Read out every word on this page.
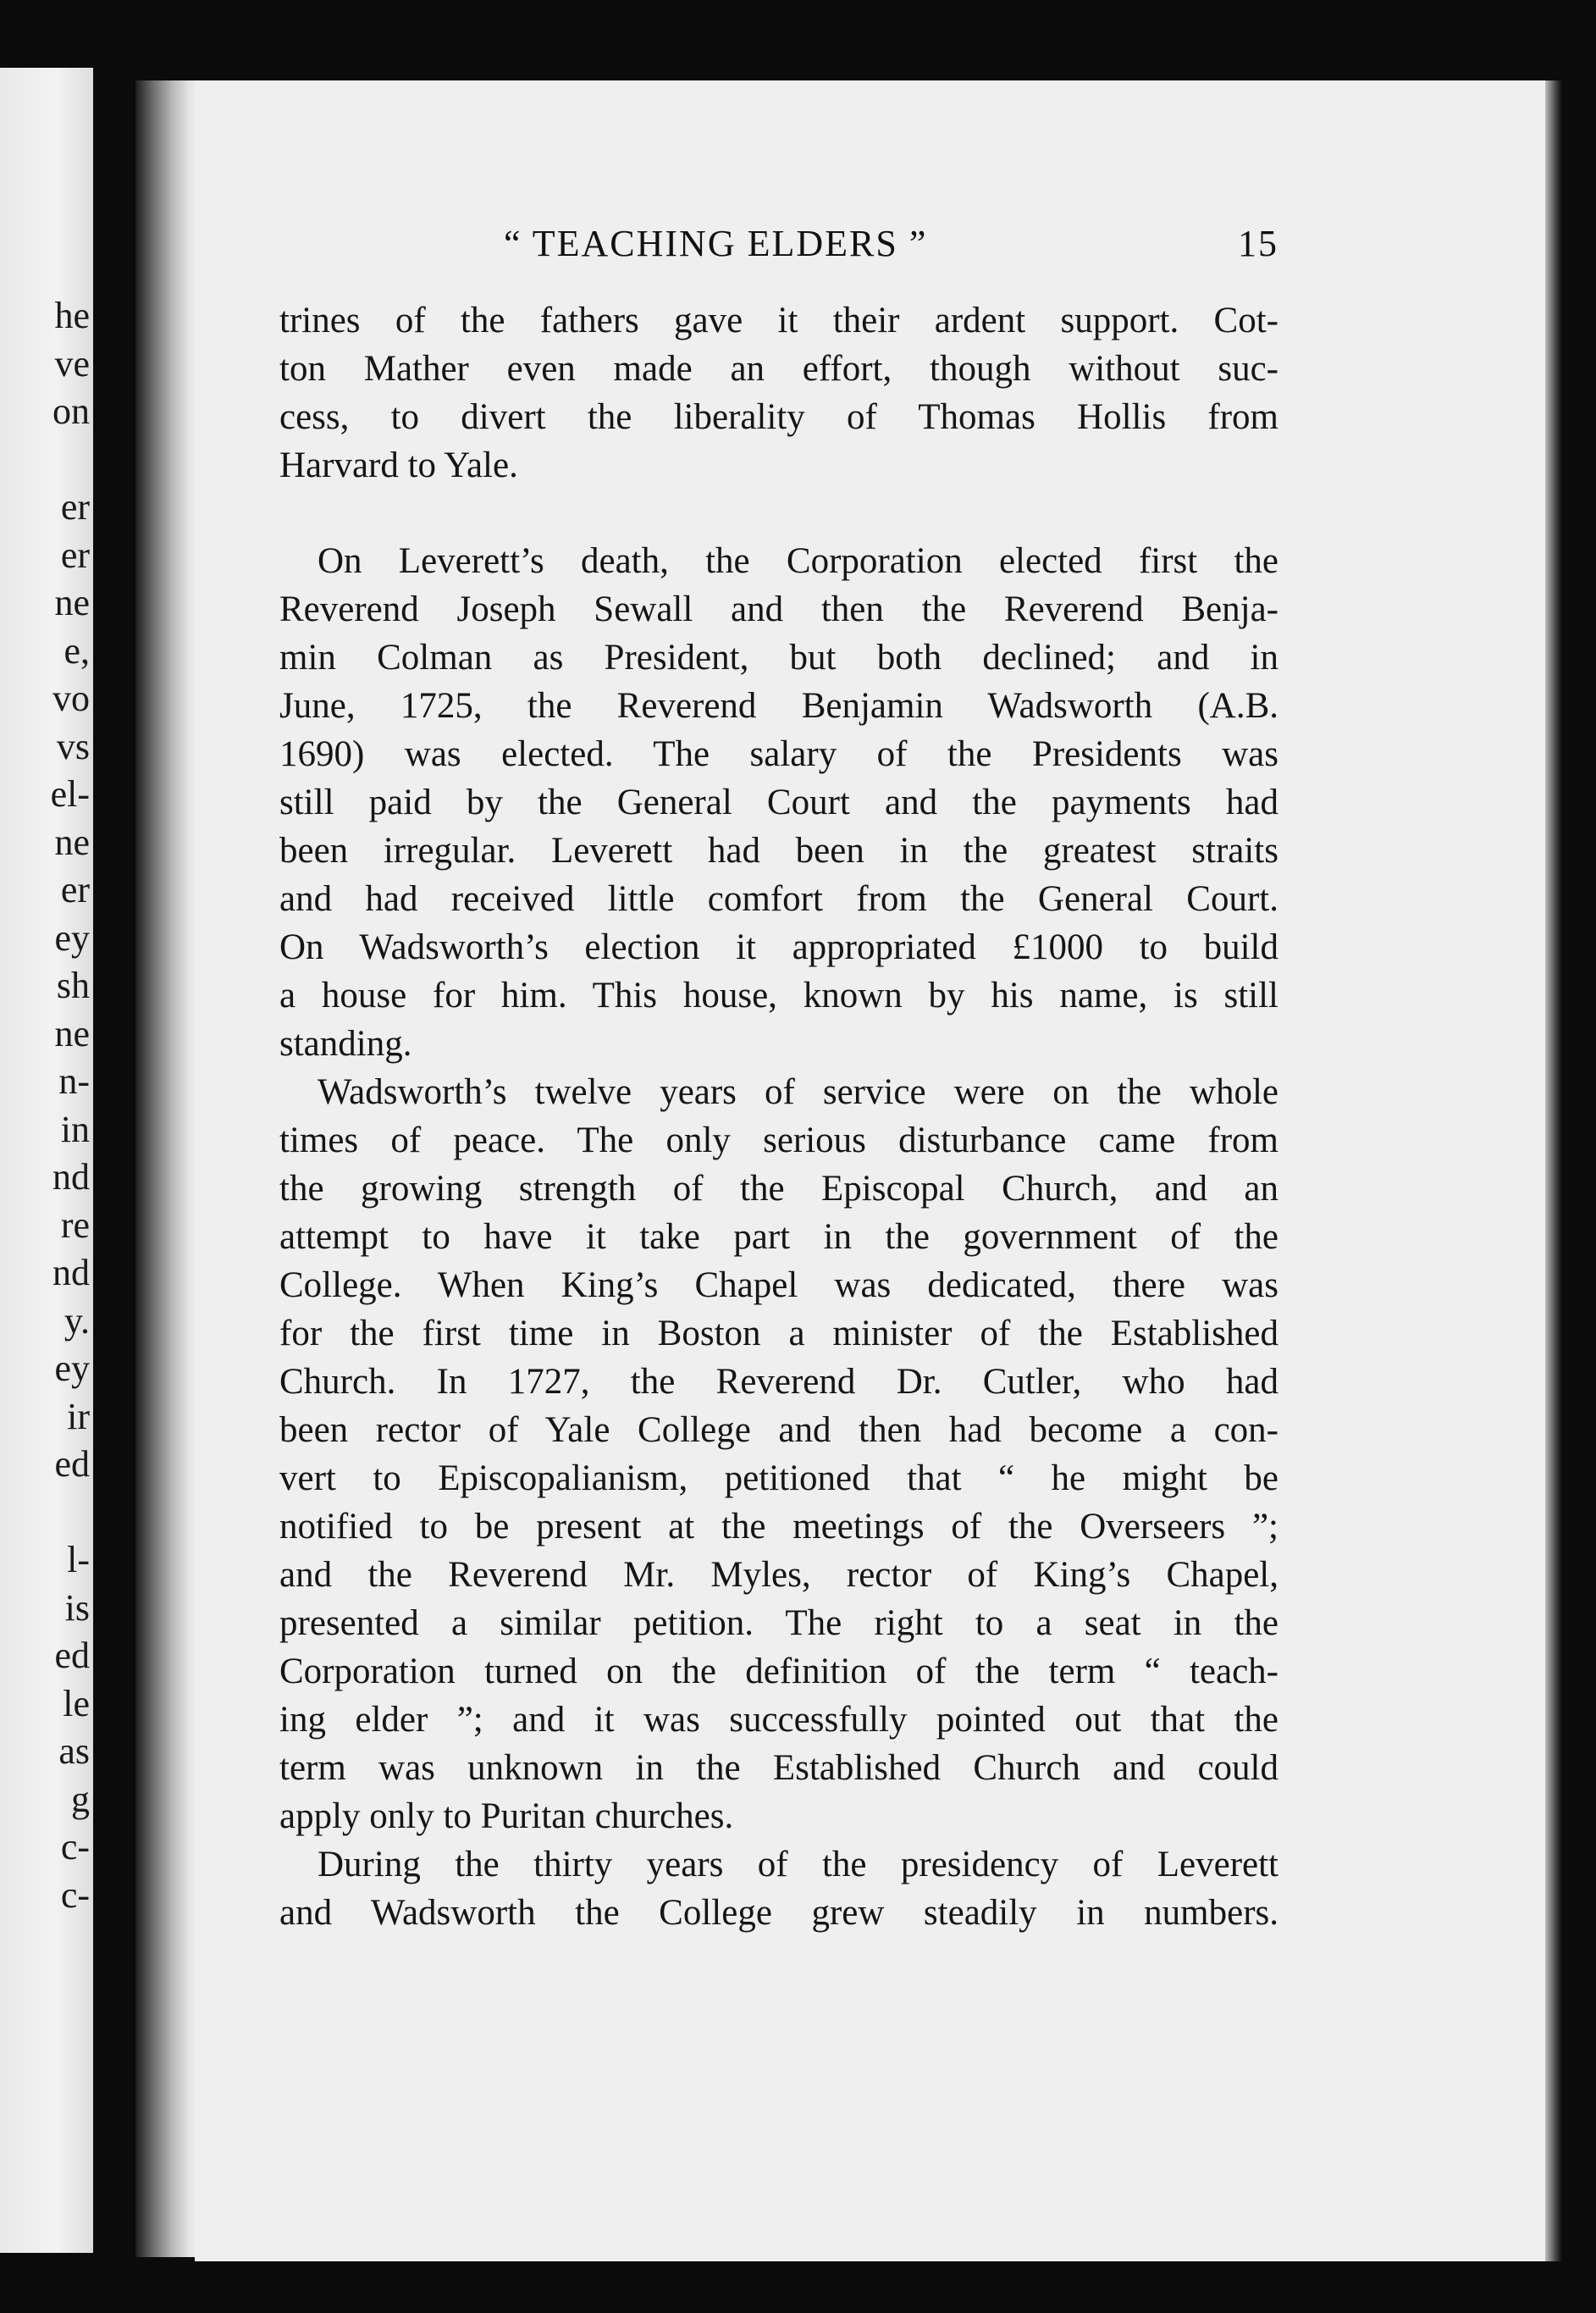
he
ve
on
er
er
ne
e,
vo
vs
el-
ne
er
ey
sh
ne
n-
in
nd
re
nd
y.
ey
ir
ed
l-
is
ed
le
as
g
c-
c-
“ TEACHING ELDERS ”	15
trines of the fathers gave it their ardent support. Cot-
ton Mather even made an effort, though without suc-
cess, to divert the liberality of Thomas Hollis from
Harvard to Yale.
On Leverett’s death, the Corporation elected first the
Reverend Joseph Sewall and then the Reverend Benja-
min Colman as President, but both declined; and in
June, 1725, the Reverend Benjamin Wadsworth (A.B.
1690) was elected. The salary of the Presidents was
still paid by the General Court and the payments had
been irregular. Leverett had been in the greatest straits
and had received little comfort from the General Court.
On Wadsworth’s election it appropriated £1000 to build
a house for him. This house, known by his name, is still
standing.
Wadsworth’s twelve years of service were on the whole
times of peace. The only serious disturbance came from
the growing strength of the Episcopal Church, and an
attempt to have it take part in the government of the
College. When King’s Chapel was dedicated, there was
for the first time in Boston a minister of the Established
Church. In 1727, the Reverend Dr. Cutler, who had
been rector of Yale College and then had become a con-
vert to Episcopalianism, petitioned that “ he might be
notified to be present at the meetings of the Overseers ”;
and the Reverend Mr. Myles, rector of King’s Chapel,
presented a similar petition. The right to a seat in the
Corporation turned on the definition of the term “ teach-
ing elder ”; and it was successfully pointed out that the
term was unknown in the Established Church and could
apply only to Puritan churches.
During the thirty years of the presidency of Leverett
and Wadsworth the College grew steadily in numbers.
